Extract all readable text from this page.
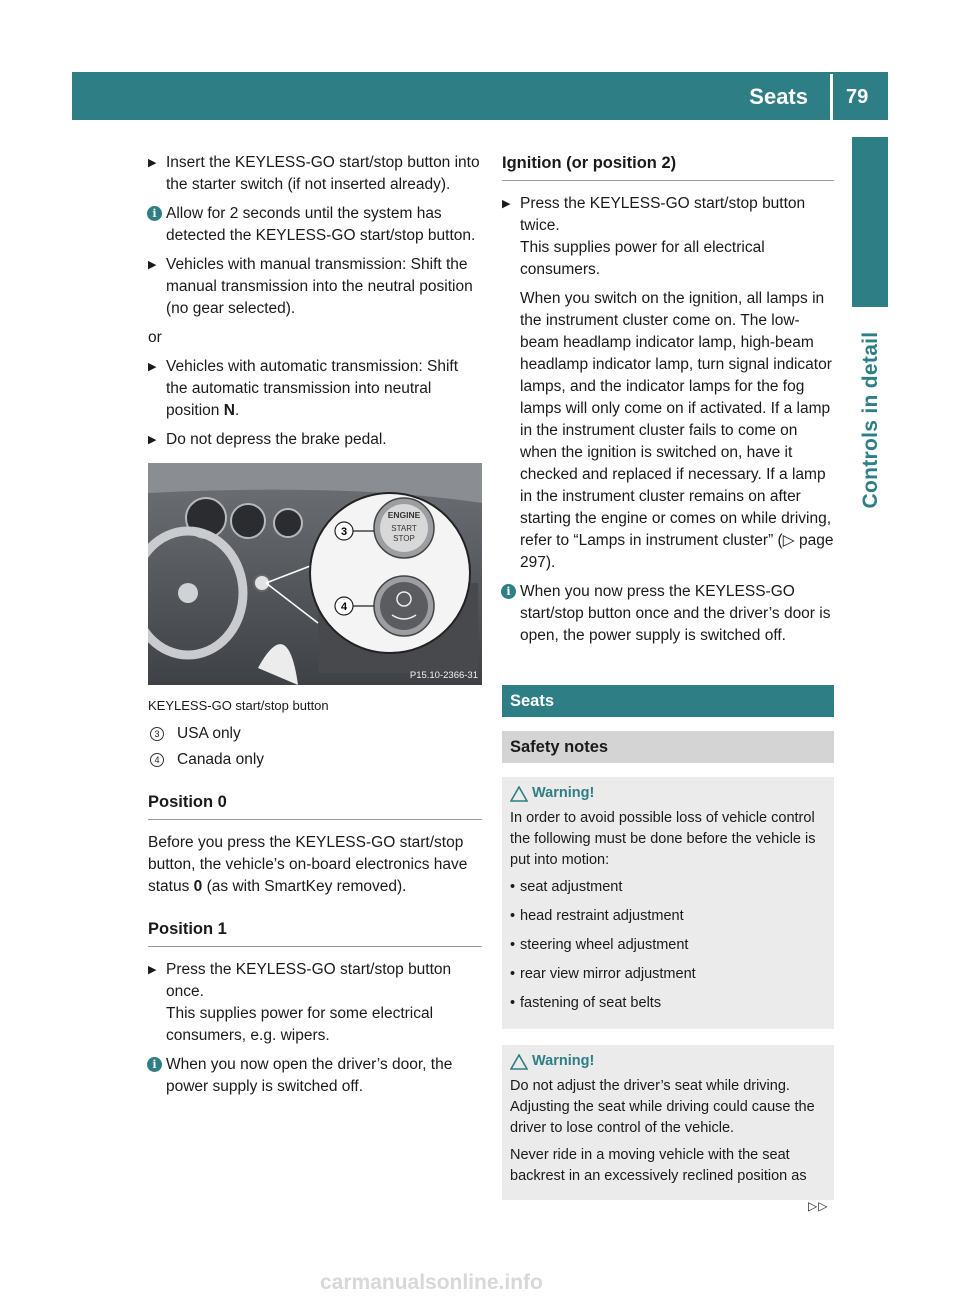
Seats 79
Controls in detail
▶ Insert the KEYLESS-GO start/stop button into the starter switch (if not inserted already).
i Allow for 2 seconds until the system has detected the KEYLESS-GO start/stop button.
▶ Vehicles with manual transmission: Shift the manual transmission into the neutral position (no gear selected).
or
▶ Vehicles with automatic transmission: Shift the automatic transmission into neutral position N.
▶ Do not depress the brake pedal.
3
4
ENGINE
START
STOP
P15.10-2366-31
KEYLESS-GO start/stop button
3 USA only
4 Canada only
Position 0
Before you press the KEYLESS-GO start/stop button, the vehicle’s on-board electronics have status 0 (as with SmartKey removed).
Position 1
▶ Press the KEYLESS-GO start/stop button once.
This supplies power for some electrical consumers, e.g. wipers.
i When you now open the driver’s door, the power supply is switched off.
Ignition (or position 2)
▶ Press the KEYLESS-GO start/stop button twice.
This supplies power for all electrical consumers.
When you switch on the ignition, all lamps in the instrument cluster come on. The low-beam headlamp indicator lamp, high-beam headlamp indicator lamp, turn signal indicator lamps, and the indicator lamps for the fog lamps will only come on if activated. If a lamp in the instrument cluster fails to come on when the ignition is switched on, have it checked and replaced if necessary. If a lamp in the instrument cluster remains on after starting the engine or comes on while driving, refer to “Lamps in instrument cluster” (▷ page 297).
i When you now press the KEYLESS-GO start/stop button once and the driver’s door is open, the power supply is switched off.
Seats
Safety notes
Warning!
In order to avoid possible loss of vehicle control the following must be done before the vehicle is put into motion:
• seat adjustment
• head restraint adjustment
• steering wheel adjustment
• rear view mirror adjustment
• fastening of seat belts
Warning!
Do not adjust the driver’s seat while driving. Adjusting the seat while driving could cause the driver to lose control of the vehicle.
Never ride in a moving vehicle with the seat backrest in an excessively reclined position as
▷▷
carmanualsonline.info
